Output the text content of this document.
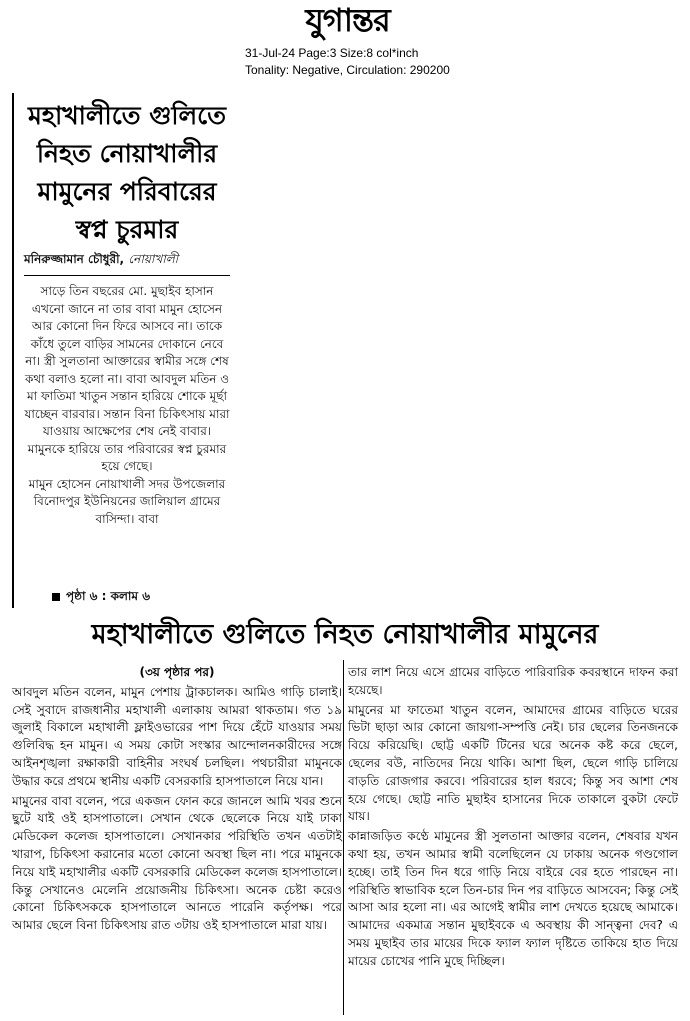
যুগান্তর
31-Jul-24 Page:3 Size:8 col*inch
Tonality: Negative, Circulation: 290200
মহাখালীতে গুলিতে নিহত নোয়াখালীর মামুনের পরিবারের স্বপ্ন চুরমার
মনিরুজ্জামান চৌধুরী, নোয়াখালী

সাড়ে তিন বছরের মো. মুছাইব হাসান এখনো জানে না তার বাবা মামুন হোসেন আর কোনো দিন ফিরে আসবে না। তাকে কাঁধে তুলে বাড়ির সামনের দোকানে নেবে না। স্ত্রী সুলতানা আক্তারের স্বামীর সঙ্গে শেষ কথা বলাও হলো না। বাবা আবদুল মতিন ও মা ফাতিমা খাতুন সন্তান হারিয়ে শোকে মূর্ছা যাচ্ছেন বারবার। সন্তান বিনা চিকিৎসায় মারা যাওয়ায় আক্ষেপের শেষ নেই বাবার। মামুনকে হারিয়ে তার পরিবারের স্বপ্ন চুরমার হয়ে গেছে।

মামুন হোসেন নোয়াখালী সদর উপজেলার বিনোদপুর ইউনিয়নের জালিয়াল গ্রামের বাসিন্দা। বাবা

পৃষ্ঠা ৬ : কলাম ৬
মহাখালীতে গুলিতে নিহত নোয়াখালীর মামুনের

(৩য় পৃষ্ঠার পর)

আবদুল মতিন বলেন, মামুন পেশায় ট্রাকচালক। আমিও গাড়ি চালাই। সেই সুবাদে রাজধানীর মহাখালী এলাকায় আমরা থাকতাম। গত ১৯ জুলাই বিকালে মহাখালী ফ্লাইওভারের পাশ দিয়ে হেঁটে যাওয়ার সময় গুলিবিদ্ধ হন মামুন। এ সময় কোটা সংস্কার আন্দোলনকারীদের সঙ্গে আইনশৃঙ্খলা রক্ষাকারী বাহিনীর সংঘর্ষ চলছিল। পথচারীরা মামুনকে উদ্ধার করে প্রথমে স্থানীয় একটি বেসরকারি হাসপাতালে নিয়ে যান।

মামুনের বাবা বলেন, পরে একজন ফোন করে জানলে আমি খবর শুনে ছুটে যাই ওই হাসপাতালে। সেখান থেকে ছেলেকে নিয়ে যাই ঢাকা মেডিকেল কলেজ হাসপাতালে। সেখানকার পরিস্থিতি তখন এতটাই খারাপ, চিকিৎসা করানোর মতো কোনো অবস্থা ছিল না। পরে মামুনকে নিয়ে যাই মহাখালীর একটি বেসরকারি মেডিকেল কলেজ হাসপাতালে। কিন্তু সেখানেও মেলেনি প্রয়োজনীয় চিকিৎসা। অনেক চেষ্টা করেও কোনো চিকিৎসককে হাসপাতালে আনতে পারেনি কর্তৃপক্ষ। পরে আমার ছেলে বিনা চিকিৎসায় রাত ৩টায় ওই হাসপাতালে মারা যায়।

তার লাশ নিয়ে এসে গ্রামের বাড়িতে পারিবারিক কবরস্থানে দাফন করা হয়েছে।

মামুনের মা ফাতেমা খাতুন বলেন, আমাদের গ্রামের বাড়িতে ঘরের ভিটা ছাড়া আর কোনো জায়গা-সম্পত্তি নেই। চার ছেলের তিনজনকে বিয়ে করিয়েছি। ছোট্ট একটি টিনের ঘরে অনেক কষ্ট করে ছেলে, ছেলের বউ, নাতিদের নিয়ে থাকি। আশা ছিল, ছেলে গাড়ি চালিয়ে বাড়তি রোজগার করবে। পরিবারের হাল ধরবে; কিন্তু সব আশা শেষ হয়ে গেছে। ছোট্ট নাতি মুছাইব হাসানের দিকে তাকালে বুকটা ফেটে যায়।

কান্নাজড়িত কণ্ঠে মামুনের স্ত্রী সুলতানা আক্তার বলেন, শেষবার যখন কথা হয়, তখন আমার স্বামী বলেছিলেন যে ঢাকায় অনেক গণ্ডগোল হচ্ছে। তাই তিন দিন ধরে গাড়ি নিয়ে বাইরে বের হতে পারছেন না। পরিস্থিতি স্বাভাবিক হলে তিন-চার দিন পর বাড়িতে আসবেন; কিন্তু সেই আসা আর হলো না। এর আগেই স্বামীর লাশ দেখতে হয়েছে আমাকে। আমাদের একমাত্র সন্তান মুছাইবকে এ অবস্থায় কী সান্ত্বনা দেব? এ সময় মুছাইব তার মায়ের দিকে ফ্যাল ফ্যাল দৃষ্টিতে তাকিয়ে হাত দিয়ে মায়ের চোখের পানি মুছে দিচ্ছিল।
